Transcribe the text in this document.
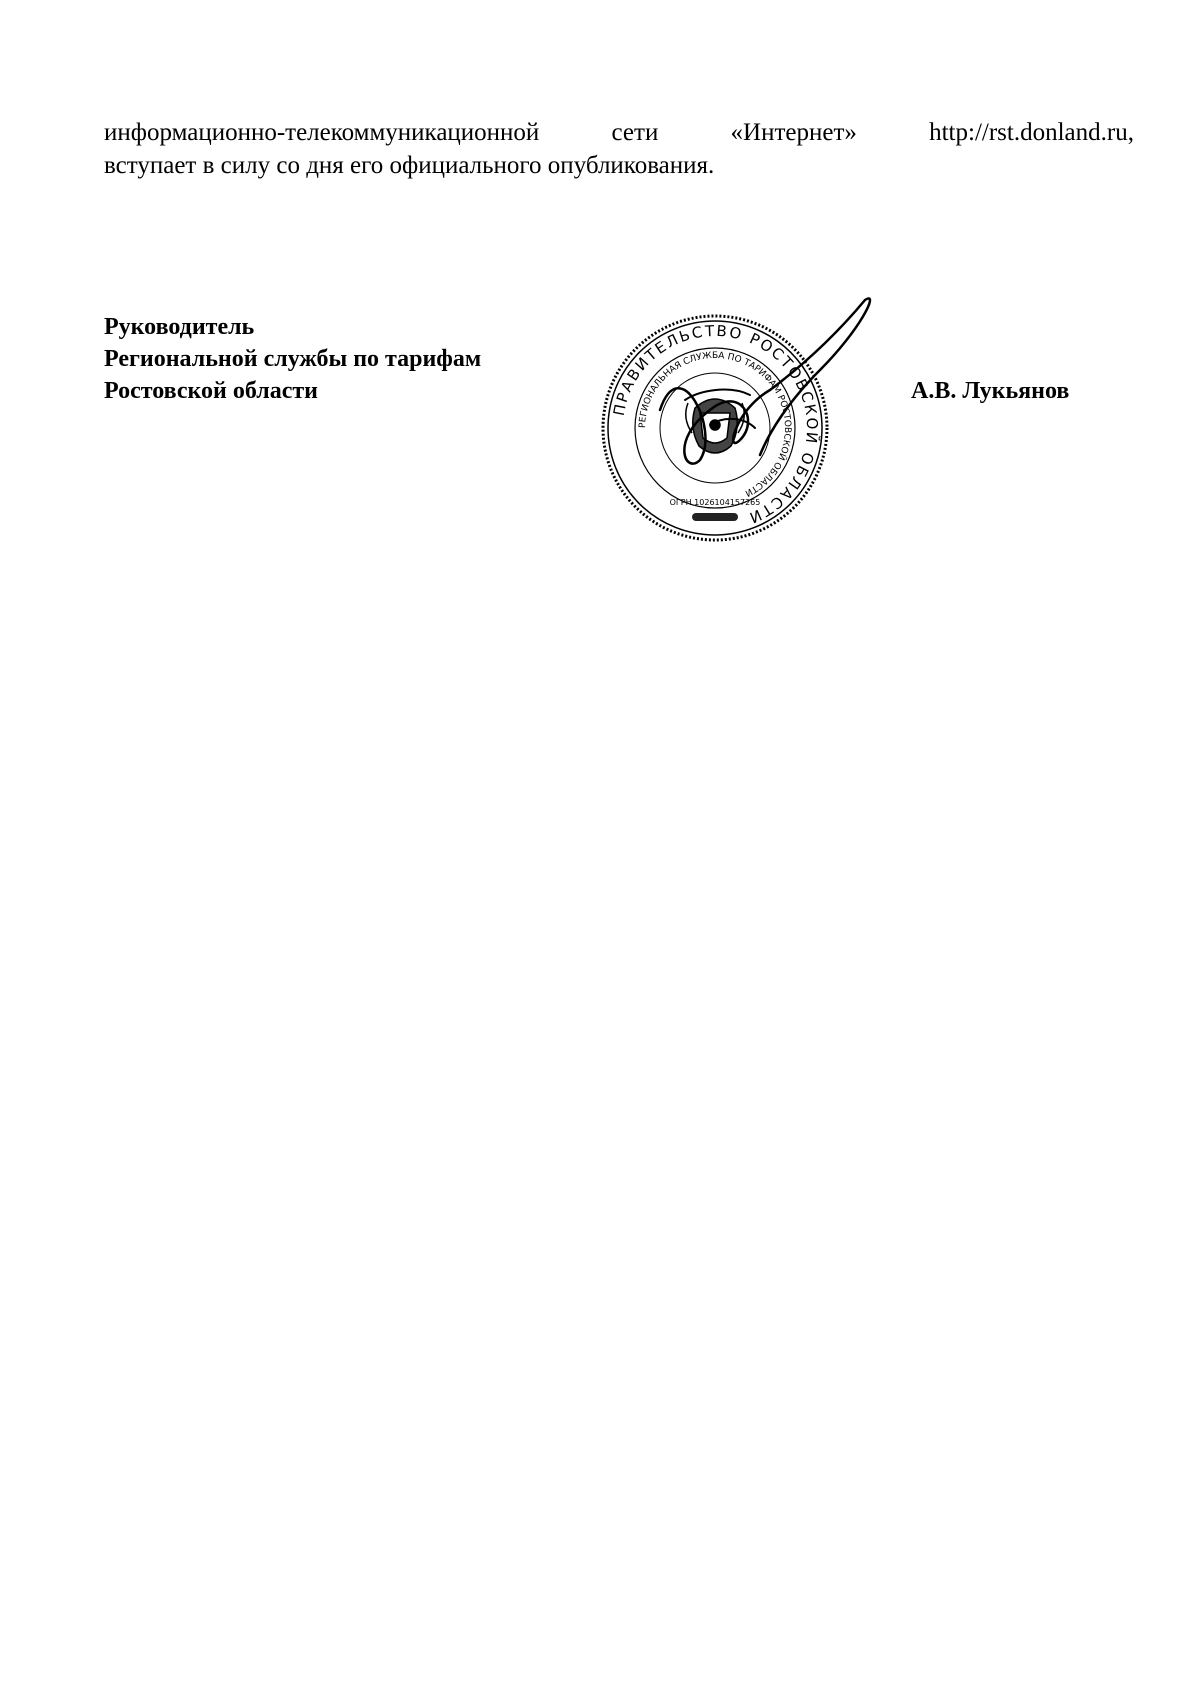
информационно-телекоммуникационной	сети	«Интернет»	http://rst.donland.ru,
вступает в силу со дня его официального опубликования.
Руководитель
Региональной службы по тарифам
Ростовской области
ПРАВИТЕЛЬСТВО РОСТОВСКОЙ ОБЛАСТИ
РЕГИОНАЛЬНАЯ СЛУЖБА ПО ТАРИФАМ РОСТОВСКОЙ ОБЛАСТИ
ОГРН 1026104157265
А.В. Лукьянов
